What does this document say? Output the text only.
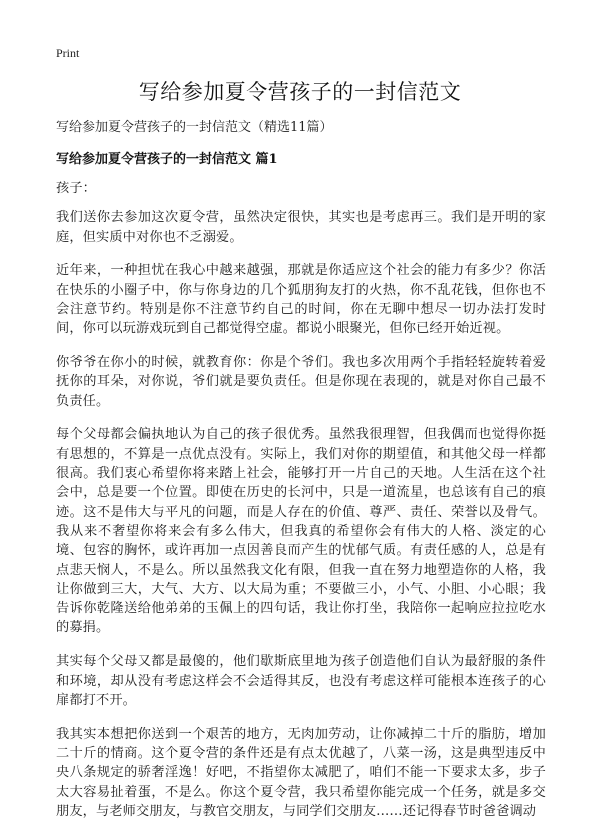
Print
写给参加夏令营孩子的一封信范文
写给参加夏令营孩子的一封信范文（精选11篇）
写给参加夏令营孩子的一封信范文 篇1

孩子：

我们送你去参加这次夏令营，虽然决定很快，其实也是考虑再三。我们是开明的家庭，但实质中对你也不乏溺爱。

近年来，一种担忧在我心中越来越强，那就是你适应这个社会的能力有多少？你活在快乐的小圈子中，你与你身边的几个狐朋狗友打的火热，你不乱花钱，但你也不会注意节约。特别是你不注意节约自己的时间，你在无聊中想尽一切办法打发时间，你可以玩游戏玩到自己都觉得空虚。都说小眼聚光，但你已经开始近视。

你爷爷在你小的时候，就教育你：你是个爷们。我也多次用两个手指轻轻旋转着爱抚你的耳朵，对你说，爷们就是要负责任。但是你现在表现的，就是对你自己最不负责任。

每个父母都会偏执地认为自己的孩子很优秀。虽然我很理智，但我偶而也觉得你挺有思想的，不算是一点优点没有。实际上，我们对你的期望值，和其他父母一样都很高。我们衷心希望你将来踏上社会，能够打开一片自己的天地。人生活在这个社会中，总是要一个位置。即使在历史的长河中，只是一道流星，也总该有自己的痕迹。这不是伟大与平凡的问题，而是人存在的价值、尊严、责任、荣誉以及骨气。我从来不奢望你将来会有多么伟大，但我真的希望你会有伟大的人格、淡定的心境、包容的胸怀，或许再加一点因善良而产生的忧郁气质。有责任感的人，总是有点悲天悯人，不是么。所以虽然我文化有限，但我一直在努力地塑造你的人格，我让你做到三大，大气、大方、以大局为重；不要做三小，小气、小胆、小心眼；我告诉你乾隆送给他弟弟的玉佩上的四句话，我让你打坐，我陪你一起响应拉拉吃水的募捐。

其实每个父母又都是最傻的，他们歇斯底里地为孩子创造他们自认为最舒服的条件和环境，却从没有考虑这样会不会适得其反，也没有考虑这样可能根本连孩子的心扉都打不开。

我其实本想把你送到一个艰苦的地方，无肉加劳动，让你减掉二十斤的脂肪，增加二十斤的情商。这个夏令营的条件还是有点太优越了，八菜一汤，这是典型违反中央八条规定的骄奢淫逸！好吧，不指望你太减肥了，咱们不能一下要求太多，步子太大容易扯着蛋，不是么。你这个夏令营，我只希望你能完成一个任务，就是多交朋友，与老师交朋友，与教官交朋友，与同学们交朋友……还记得春节时爸爸调动
